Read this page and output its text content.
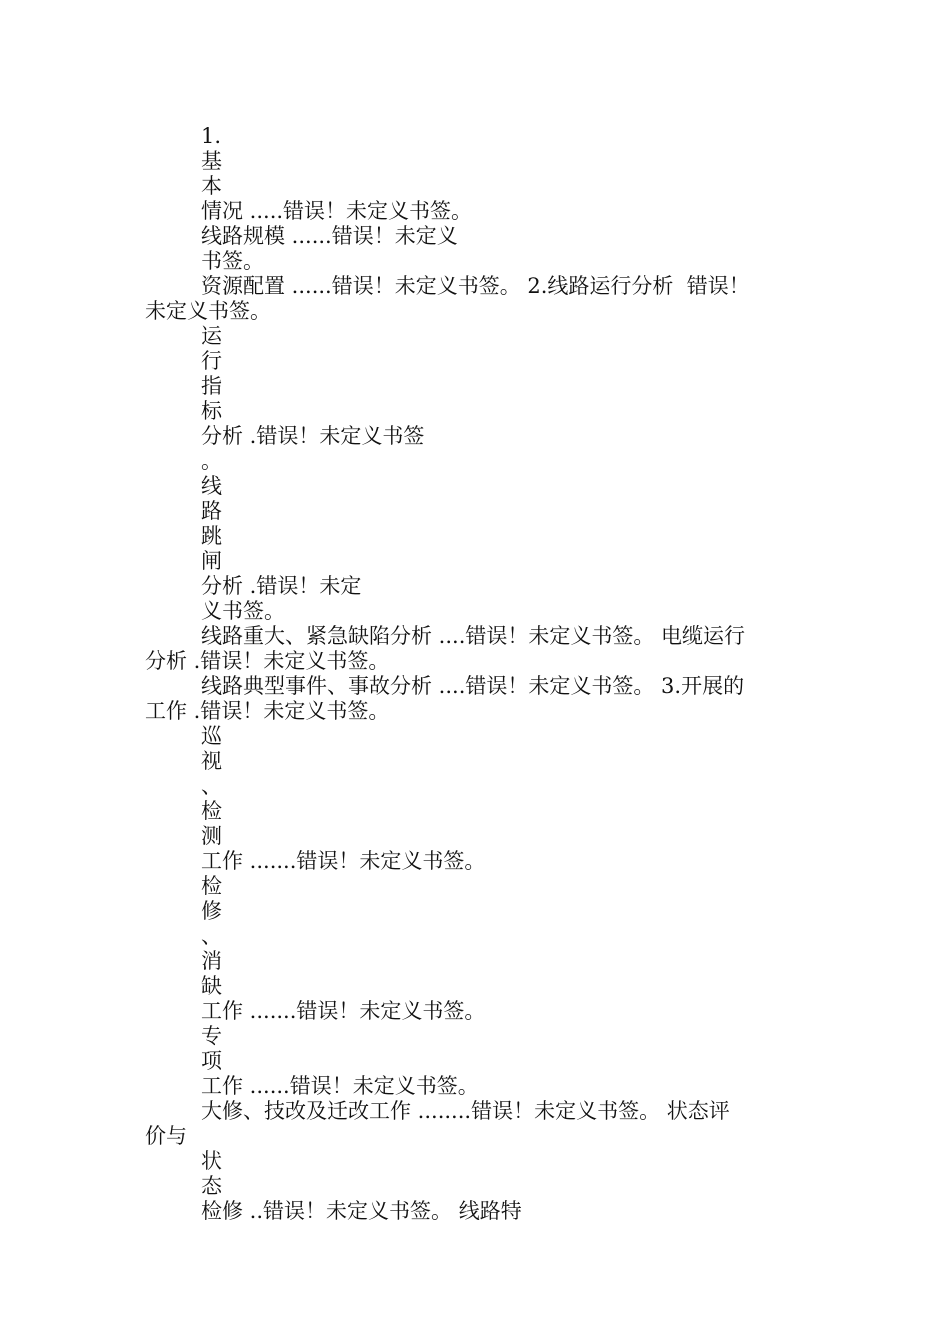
1.
基
本
情况 .....错误！未定义书签。
线路规模 ......错误！未定义
书签。
资源配置 ......错误！未定义书签。 2.线路运行分析  错误！
未定义书签。
运
行
指
标
分析 .错误！未定义书签
。
线
路
跳
闸
分析 .错误！未定
义书签。
线路重大、紧急缺陷分析 ....错误！未定义书签。 电缆运行
分析 .错误！未定义书签。
线路典型事件、事故分析 ....错误！未定义书签。 3.开展的
工作 .错误！未定义书签。
巡
视
、
检
测
工作 .......错误！未定义书签。
检
修
、
消
缺
工作 .......错误！未定义书签。
专
项
工作 ......错误！未定义书签。
大修、技改及迁改工作 ........错误！未定义书签。 状态评
价与
状
态
检修 ..错误！未定义书签。 线路特
